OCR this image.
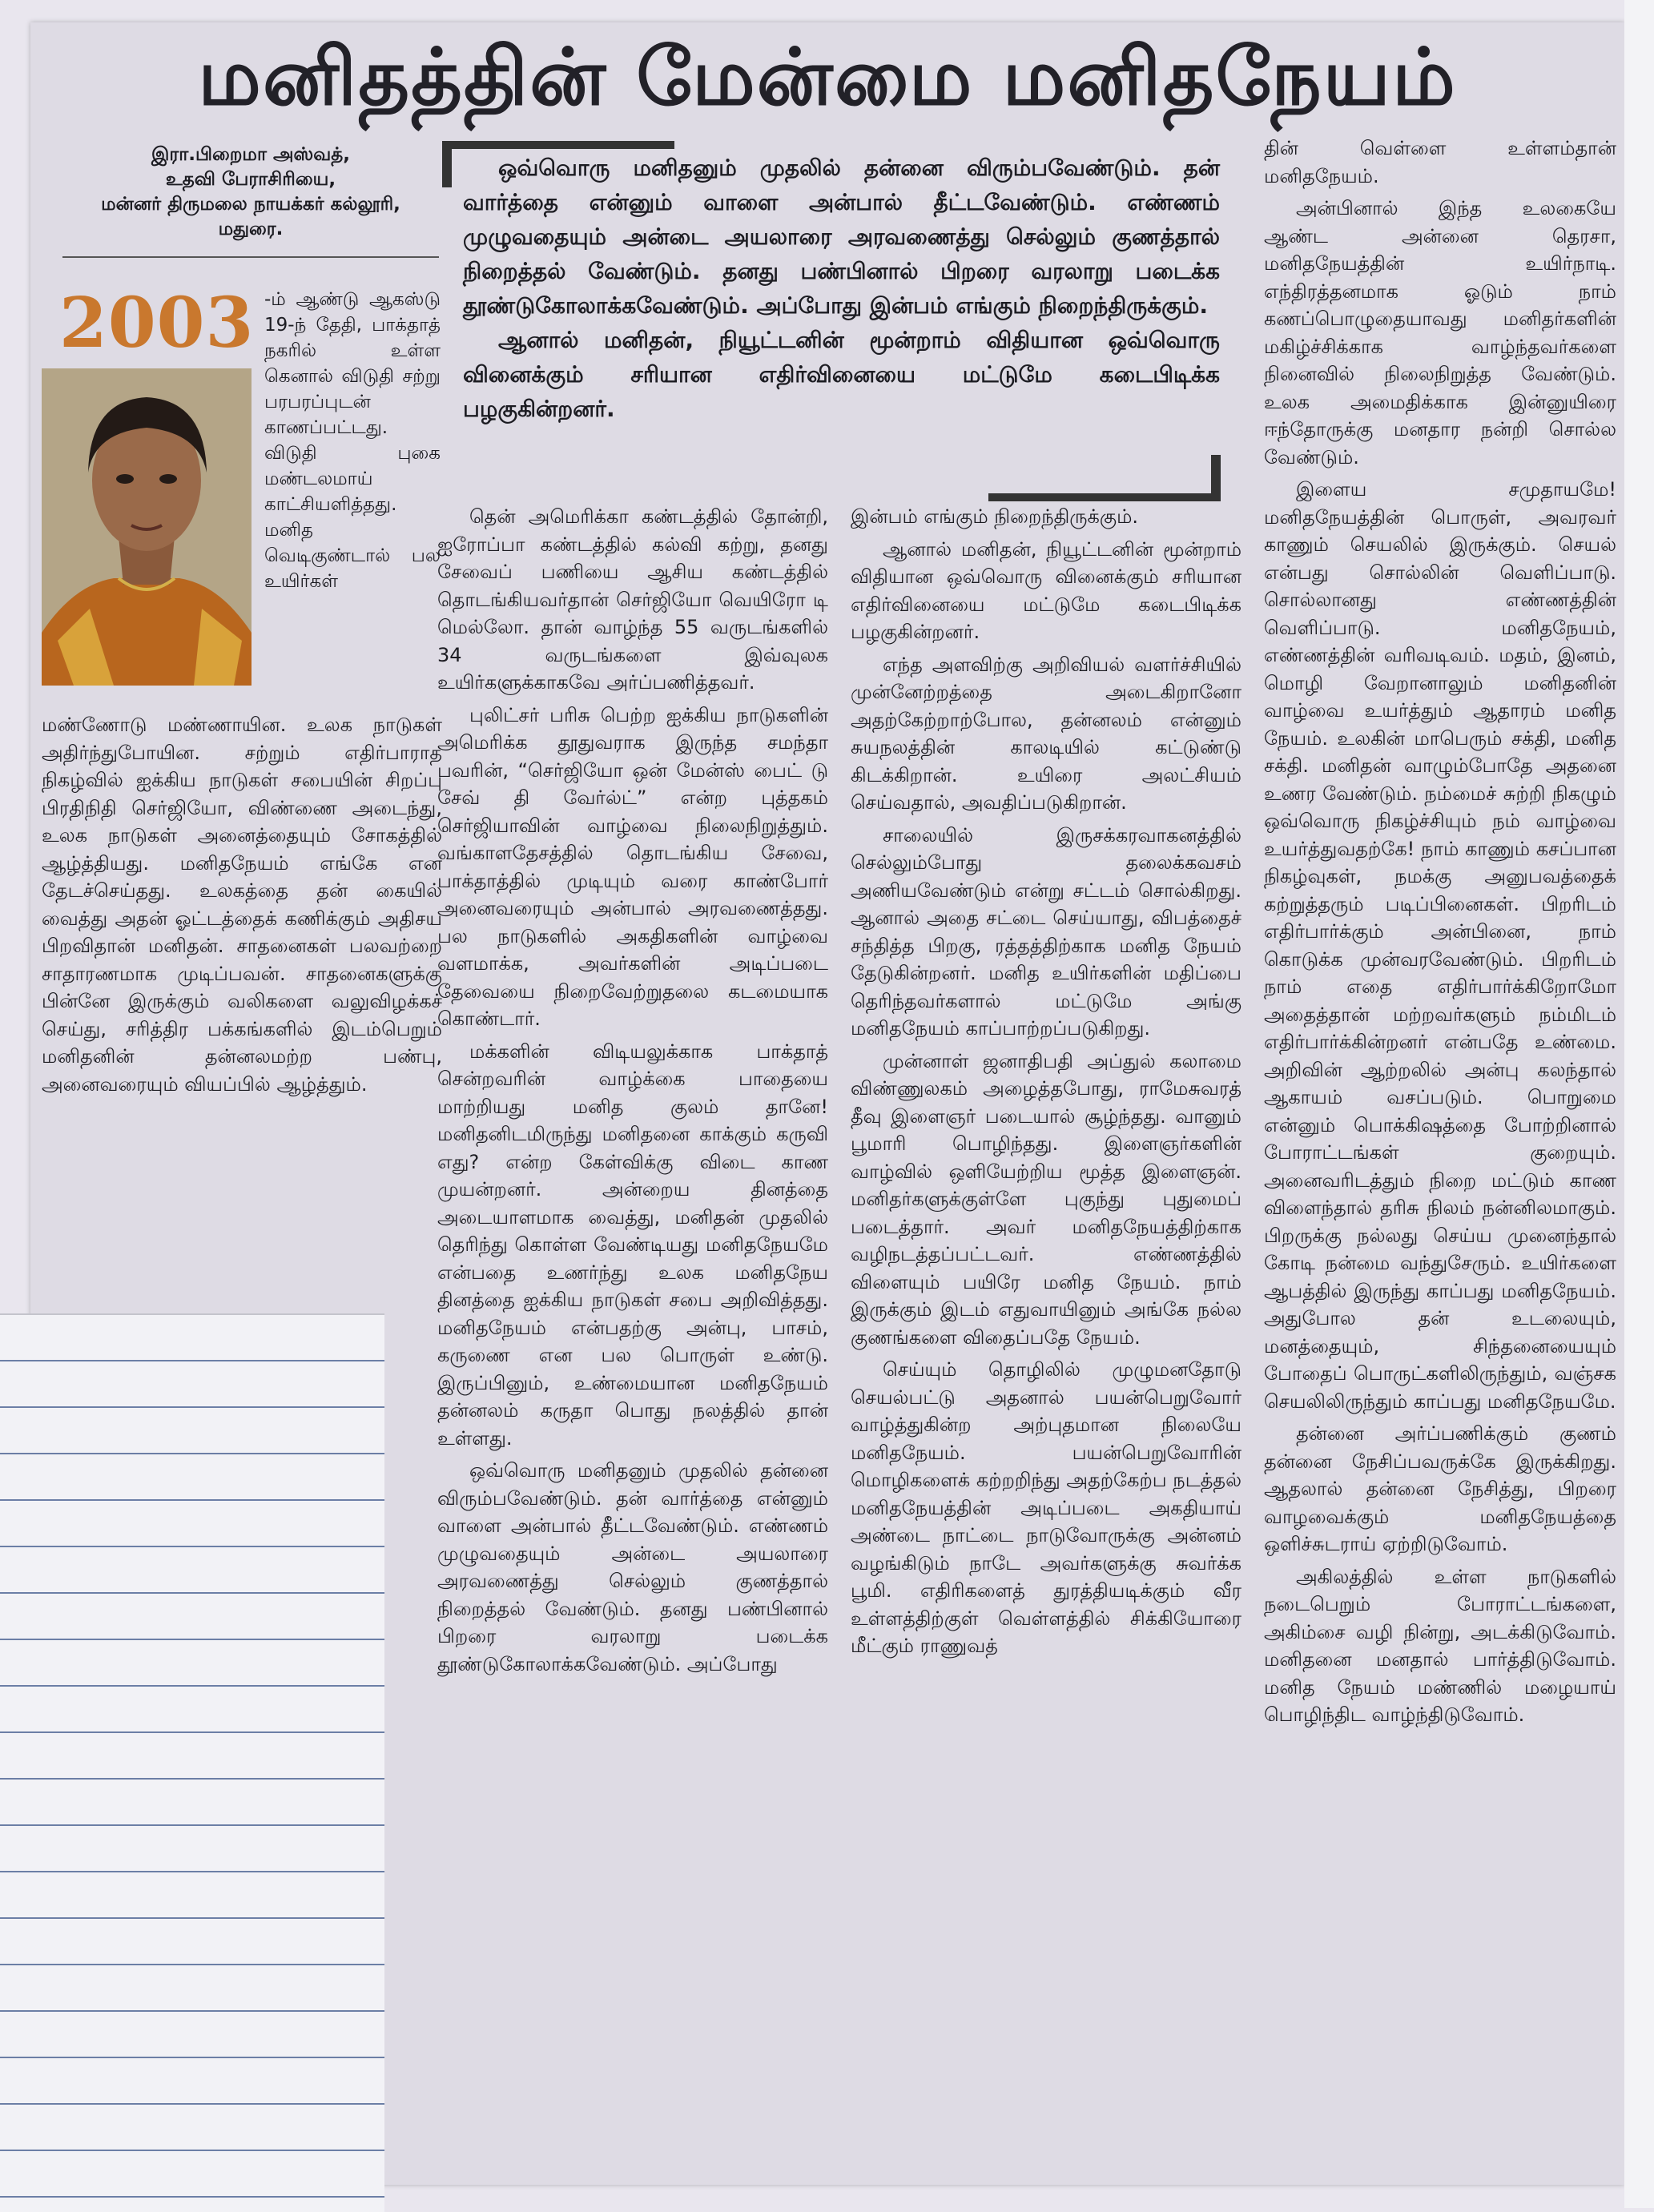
மனிதத்தின் மேன்மை மனிதநேயம்
இரா.பிறைமா அஸ்வத்,
உதவி பேராசிரியை,
மன்னர் திருமலை நாயக்கர் கல்லூரி,
மதுரை.
2003 -ம் ஆண்டு ஆகஸ்டு 19-ந் தேதி, பாக்தாத் நகரில் உள்ள கெனால் விடுதி சற்று பரபரப்புடன் காணப்பட்டது. விடுதி புகை மண்டலமாய் காட்சியளித்தது. மனித வெடிகுண்டால் பல உயிர்கள்

மண்ணோடு மண்ணாயின. உலக நாடுகள் அதிர்ந்துபோயின. சற்றும் எதிர்பாராத நிகழ்வில் ஐக்கிய நாடுகள் சபையின் சிறப்பு பிரதிநிதி செர்ஜியோ, விண்ணை அடைந்து, உலக நாடுகள் அனைத்தையும் சோகத்தில் ஆழ்த்தியது. மனிதநேயம் எங்கே என தேடச்செய்தது. உலகத்தை தன் கையில் வைத்து அதன் ஓட்டத்தைக் கணிக்கும் அதிசய பிறவிதான் மனிதன். சாதனைகள் பலவற்றை சாதாரணமாக முடிப்பவன். சாதனைகளுக்கு பின்னே இருக்கும் வலிகளை வலுவிழக்கச் செய்து, சரித்திர பக்கங்களில் இடம்பெறும் மனிதனின் தன்னலமற்ற பண்பு, அனைவரையும் வியப்பில் ஆழ்த்தும்.

ஒவ்வொரு மனிதனும் முதலில் தன்னை விரும்பவேண்டும். தன் வார்த்தை என்னும் வாளை அன்பால் தீட்டவேண்டும். எண்ணம் முழுவதையும் அன்டை அயலாரை அரவணைத்து செல்லும் குணத்தால் நிறைத்தல் வேண்டும். தனது பண்பினால் பிறரை வரலாறு படைக்க தூண்டுகோலாக்கவேண்டும். அப்போது இன்பம் எங்கும் நிறைந்திருக்கும்.

ஆனால் மனிதன், நியூட்டனின் மூன்றாம் விதியான ஒவ்வொரு வினைக்கும் சரியான எதிர்வினையை மட்டுமே கடைபிடிக்க பழகுகின்றனர்.

தென் அமெரிக்கா கண்டத்தில் தோன்றி, ஐரோப்பா கண்டத்தில் கல்வி கற்று, தனது சேவைப் பணியை ஆசிய கண்டத்தில் தொடங்கியவர்தான் செர்ஜியோ வெயிரோ டி மெல்லோ. தான் வாழ்ந்த 55 வருடங்களில் 34 வருடங்களை இவ்வுலக உயிர்களுக்காகவே அர்ப்பணித்தவர்.

புலிட்சர் பரிசு பெற்ற ஐக்கிய நாடுகளின் அமெரிக்க தூதுவராக இருந்த சமந்தா பவரின், “செர்ஜியோ ஒன் மேன்ஸ் பைட் டு சேவ் தி வேர்ல்ட்” என்ற புத்தகம் செர்ஜியாவின் வாழ்வை நிலைநிறுத்தும். வங்காளதேசத்தில் தொடங்கிய சேவை, பாக்தாத்தில் முடியும் வரை காண்போர் அனைவரையும் அன்பால் அரவணைத்தது. பல நாடுகளில் அகதிகளின் வாழ்வை வளமாக்க, அவர்களின் அடிப்படை தேவையை நிறைவேற்றுதலை கடமையாக கொண்டார்.

மக்களின் விடியலுக்காக பாக்தாத் சென்றவரின் வாழ்க்கை பாதையை மாற்றியது மனித குலம் தானே! மனிதனிடமிருந்து மனிதனை காக்கும் கருவி எது? என்ற கேள்விக்கு விடை காண முயன்றனர். அன்றைய தினத்தை அடையாளமாக வைத்து, மனிதன் முதலில் தெரிந்து கொள்ள வேண்டியது மனிதநேயமே என்பதை உணர்ந்து உலக மனிதநேய தினத்தை ஐக்கிய நாடுகள் சபை அறிவித்தது. மனிதநேயம் என்பதற்கு அன்பு, பாசம், கருணை என பல பொருள் உண்டு. இருப்பினும், உண்மையான மனிதநேயம் தன்னலம் கருதா பொது நலத்தில் தான் உள்ளது.

ஒவ்வொரு மனிதனும் முதலில் தன்னை விரும்பவேண்டும். தன் வார்த்தை என்னும் வாளை அன்பால் தீட்டவேண்டும். எண்ணம் முழுவதையும் அன்டை அயலாரை அரவணைத்து செல்லும் குணத்தால் நிறைத்தல் வேண்டும். தனது பண்பினால் பிறரை வரலாறு படைக்க தூண்டுகோலாக்கவேண்டும். அப்போது

இன்பம் எங்கும் நிறைந்திருக்கும்.

ஆனால் மனிதன், நியூட்டனின் மூன்றாம் விதியான ஒவ்வொரு வினைக்கும் சரியான எதிர்வினையை மட்டுமே கடைபிடிக்க பழகுகின்றனர்.

எந்த அளவிற்கு அறிவியல் வளர்ச்சியில் முன்னேற்றத்தை அடைகிறானோ அதற்கேற்றாற்போல, தன்னலம் என்னும் சுயநலத்தின் காலடியில் கட்டுண்டு கிடக்கிறான். உயிரை அலட்சியம் செய்வதால், அவதிப்படுகிறான்.

சாலையில் இருசக்கரவாகனத்தில் செல்லும்போது தலைக்கவசம் அணியவேண்டும் என்று சட்டம் சொல்கிறது. ஆனால் அதை சட்டை செய்யாது, விபத்தைச் சந்தித்த பிறகு, ரத்தத்திற்காக மனித நேயம் தேடுகின்றனர். மனித உயிர்களின் மதிப்பை தெரிந்தவர்களால் மட்டுமே அங்கு மனிதநேயம் காப்பாற்றப்படுகிறது.

முன்னாள் ஜனாதிபதி அப்துல் கலாமை விண்ணுலகம் அழைத்தபோது, ராமேசுவரத் தீவு இளைஞர் படையால் சூழ்ந்தது. வானும் பூமாரி பொழிந்தது. இளைஞர்களின் வாழ்வில் ஒளியேற்றிய மூத்த இளைஞன். மனிதர்களுக்குள்ளே புகுந்து புதுமைப் படைத்தார். அவர் மனிதநேயத்திற்காக வழிநடத்தப்பட்டவர். எண்ணத்தில் விளையும் பயிரே மனித நேயம். நாம் இருக்கும் இடம் எதுவாயினும் அங்கே நல்ல குணங்களை விதைப்பதே நேயம்.

செய்யும் தொழிலில் முழுமனதோடு செயல்பட்டு அதனால் பயன்பெறுவோர் வாழ்த்துகின்ற அற்புதமான நிலையே மனிதநேயம். பயன்பெறுவோரின் மொழிகளைக் கற்றறிந்து அதற்கேற்ப நடத்தல் மனிதநேயத்தின் அடிப்படை அகதியாய் அண்டை நாட்டை நாடுவோருக்கு அன்னம் வழங்கிடும் நாடே அவர்களுக்கு சுவர்க்க பூமி. எதிரிகளைத் துரத்தியடிக்கும் வீர உள்ளத்திற்குள் வெள்ளத்தில் சிக்கியோரை மீட்கும் ராணுவத்

தின் வெள்ளை உள்ளம்தான் மனிதநேயம்.

அன்பினால் இந்த உலகையே ஆண்ட அன்னை தெரசா, மனிதநேயத்தின் உயிர்நாடி. எந்திரத்தனமாக ஓடும் நாம் கணப்பொழுதையாவது மனிதர்களின் மகிழ்ச்சிக்காக வாழ்ந்தவர்களை நினைவில் நிலைநிறுத்த வேண்டும். உலக அமைதிக்காக இன்னுயிரை ஈந்தோருக்கு மனதார நன்றி சொல்ல வேண்டும்.

இளைய சமுதாயமே! மனிதநேயத்தின் பொருள், அவரவர் காணும் செயலில் இருக்கும். செயல் என்பது சொல்லின் வெளிப்பாடு. சொல்லானது எண்ணத்தின் வெளிப்பாடு. மனிதநேயம், எண்ணத்தின் வரிவடிவம். மதம், இனம், மொழி வேறானாலும் மனிதனின் வாழ்வை உயர்த்தும் ஆதாரம் மனித நேயம். உலகின் மாபெரும் சக்தி, மனித சக்தி. மனிதன் வாழும்போதே அதனை உணர வேண்டும். நம்மைச் சுற்றி நிகழும் ஒவ்வொரு நிகழ்ச்சியும் நம் வாழ்வை உயர்த்துவதற்கே! நாம் காணும் கசப்பான நிகழ்வுகள், நமக்கு அனுபவத்தைக் கற்றுத்தரும் படிப்பினைகள். பிறரிடம் எதிர்பார்க்கும் அன்பினை, நாம் கொடுக்க முன்வரவேண்டும். பிறரிடம் நாம் எதை எதிர்பார்க்கிறோமோ அதைத்தான் மற்றவர்களும் நம்மிடம் எதிர்பார்க்கின்றனர் என்பதே உண்மை. அறிவின் ஆற்றலில் அன்பு கலந்தால் ஆகாயம் வசப்படும். பொறுமை என்னும் பொக்கிஷத்தை போற்றினால் போராட்டங்கள் குறையும். அனைவரிடத்தும் நிறை மட்டும் காண விளைந்தால் தரிசு நிலம் நன்னிலமாகும். பிறருக்கு நல்லது செய்ய முனைந்தால் கோடி நன்மை வந்துசேரும். உயிர்களை ஆபத்தில் இருந்து காப்பது மனிதநேயம். அதுபோல தன் உடலையும், மனத்தையும், சிந்தனையையும் போதைப் பொருட்களிலிருந்தும், வஞ்சக செயலிலிருந்தும் காப்பது மனிதநேயமே.

தன்னை அர்ப்பணிக்கும் குணம் தன்னை நேசிப்பவருக்கே இருக்கிறது. ஆதலால் தன்னை நேசித்து, பிறரை வாழவைக்கும் மனிதநேயத்தை ஒளிச்சுடராய் ஏற்றிடுவோம்.

அகிலத்தில் உள்ள நாடுகளில் நடைபெறும் போராட்டங்களை, அகிம்சை வழி நின்று, அடக்கிடுவோம். மனிதனை மனதால் பார்த்திடுவோம். மனித நேயம் மண்ணில் மழையாய் பொழிந்திட வாழ்ந்திடுவோம்.
